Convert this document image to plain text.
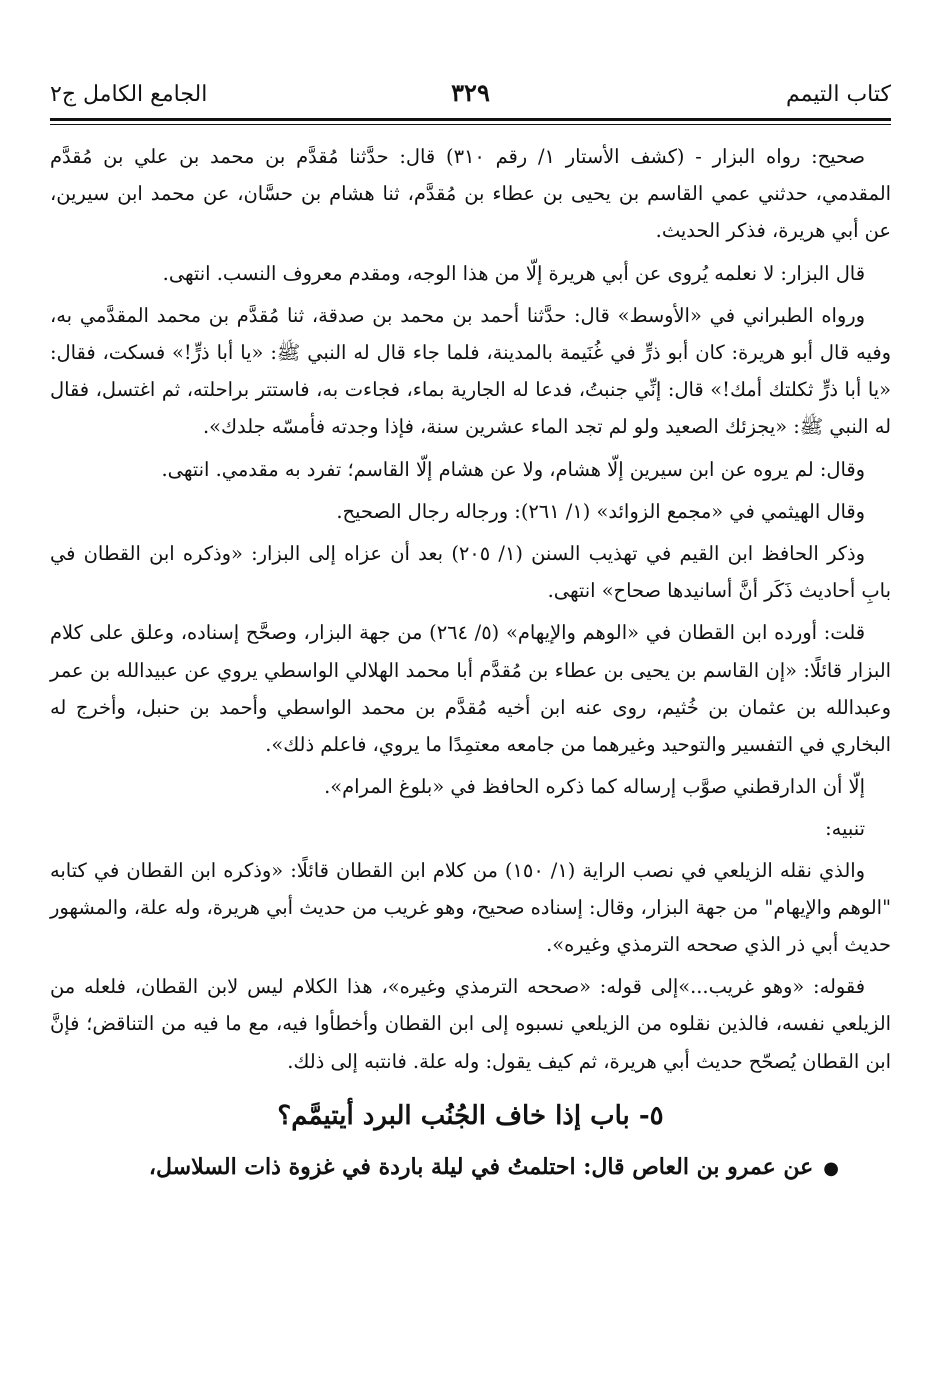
كتاب التيمم
٣٢٩
الجامع الكامل ج٢

صحيح: رواه البزار - (كشف الأستار ١/ رقم ٣١٠) قال: حدَّثنا مُقدَّم بن محمد بن علي بن مُقدَّم المقدمي، حدثني عمي القاسم بن يحيى بن عطاء بن مُقدَّم، ثنا هشام بن حسَّان، عن محمد ابن سيرين، عن أبي هريرة، فذكر الحديث.

قال البزار: لا نعلمه يُروى عن أبي هريرة إلّا من هذا الوجه، ومقدم معروف النسب. انتهى.

ورواه الطبراني في «الأوسط» قال: حدَّثنا أحمد بن محمد بن صدقة، ثنا مُقدَّم بن محمد المقدَّمي به، وفيه قال أبو هريرة: كان أبو ذرٍّ في غُنَيمة بالمدينة، فلما جاء قال له النبي ﷺ: «يا أبا ذرٍّ!» فسكت، فقال: «يا أبا ذرٍّ ثكلتك أمك!» قال: إنِّي جنبتُ، فدعا له الجارية بماء، فجاءت به، فاستتر براحلته، ثم اغتسل، فقال له النبي ﷺ: «يجزئك الصعيد ولو لم تجد الماء عشرين سنة، فإذا وجدته فأمسّه جلدك».

وقال: لم يروه عن ابن سيرين إلّا هشام، ولا عن هشام إلّا القاسم؛ تفرد به مقدمي. انتهى.

وقال الهيثمي في «مجمع الزوائد» (١/ ٢٦١): ورجاله رجال الصحيح.

وذكر الحافظ ابن القيم في تهذيب السنن (١/ ٢٠٥) بعد أن عزاه إلى البزار: «وذكره ابن القطان في بابِ أحاديث ذَكَر أنَّ أسانيدها صحاح» انتهى.

قلت: أورده ابن القطان في «الوهم والإيهام» (٥/ ٢٦٤) من جهة البزار، وصحَّح إسناده، وعلق على كلام البزار قائلًا: «إن القاسم بن يحيى بن عطاء بن مُقدَّم أبا محمد الهلالي الواسطي يروي عن عبيدالله بن عمر وعبدالله بن عثمان بن خُثيم، روى عنه ابن أخيه مُقدَّم بن محمد الواسطي وأحمد بن حنبل، وأخرج له البخاري في التفسير والتوحيد وغيرهما من جامعه معتمِدًا ما يروي، فاعلم ذلك».

إلّا أن الدارقطني صوَّب إرساله كما ذكره الحافظ في «بلوغ المرام».

تنبيه:

والذي نقله الزيلعي في نصب الراية (١/ ١٥٠) من كلام ابن القطان قائلًا: «وذكره ابن القطان في كتابه "الوهم والإيهام" من جهة البزار، وقال: إسناده صحيح، وهو غريب من حديث أبي هريرة، وله علة، والمشهور حديث أبي ذر الذي صححه الترمذي وغيره».

فقوله: «وهو غريب...»إلى قوله: «صححه الترمذي وغيره»، هذا الكلام ليس لابن القطان، فلعله من الزيلعي نفسه، فالذين نقلوه من الزيلعي نسبوه إلى ابن القطان وأخطأوا فيه، مع ما فيه من التناقض؛ فإنَّ ابن القطان يُصحّح حديث أبي هريرة، ثم كيف يقول: وله علة. فانتبه إلى ذلك.

٥- باب إذا خاف الجُنُب البرد أيتيمَّم؟

●عن عمرو بن العاص قال: احتلمتُ في ليلة باردة في غزوة ذات السلاسل،
